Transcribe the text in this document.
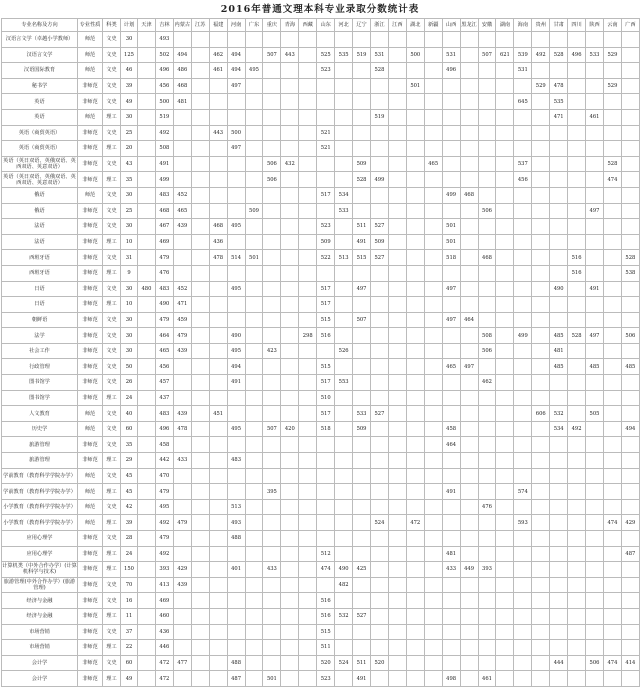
2016年普通文理本科专业录取分数统计表
专业名称及方向	专业性质	科类	计划	天津	吉林	内蒙古	江苏	福建	河南	广东	重庆	青海	西藏	山东	河北	辽宁	浙江	江西	湖北	新疆	山西	黑龙江	安徽	湖南	海南	贵州	甘肃	四川	陕西	云南	广西
汉语言文学（卓越小学教师）	师范	文史	30		493																										
汉语言文学	师范	文史	125		502	494		462	494		507	443		525	535	519	531		500		531		507	621	539	492	528	496	533	529	
汉语国际教育	师范	文史	46		496	486		461	494	495				523			528				496				531						
秘书学	非师范	文史	39		456	468			497										501							529	478			529	
英语	非师范	文史	49		500	481																			645		535				
英语	师范	理工	30		519												519										471		461		
英语（商贸英语）	非师范	文史	25		492			443	500					521																	
英语（商贸英语）	非师范	理工	20		508				497					521																	
英语（英日双语、英俄双语、英西双语、英意双语）	非师范	文史	43		491						506	432				509				465					537					528	
英语（英日双语、英俄双语、英西双语、英意双语）	非师范	理工	35		499						506					528	499								456					474	
俄语	师范	文史	30		483	452								517	534						499	468									
俄语	非师范	文史	25		468	465				509					533								506						497		
法语	非师范	文史	30		467	439		468	495					523		511	527				501										
法语	非师范	理工	10		469			436						509		491	509				501										
西班牙语	非师范	文史	31		479			478	514	501				522	513	515	527				518		468					516			528
西班牙语	非师范	理工	9		476																							516			538
日语	非师范	文史	30	480	483	452			495					517		497					497						490		491		
日语	非师范	理工	10		490	471								517																	
朝鲜语	非师范	文史	30		479	459								515		507					497	464									
法学	非师范	文史	30		464	479			490				298	516									508		499		485	528	497		506
社会工作	非师范	文史	30		465	439			495		423				526								506				481				
行政管理	非师范	文史	50		456				494					515							465	497					485		485		485
图书馆学	非师范	文史	26		457				491					517	553								462								
图书馆学	非师范	理工	24		437									510																	
人文教育	师范	文史	40		483	439		451						517		533	527									606	532		505		
历史学	师范	文史	60		496	478			495		507	420		518		509					458						534	492			494
旅游管理	非师范	文史	35		458																464										
旅游管理	非师范	理工	29		442	433			483																						
学前教育（教育科学学院办学）	师范	文史	45		470																										
学前教育（教育科学学院办学）	师范	理工	45		479						395										491				574						
小学教育（教育科学学院办学）	师范	文史	42		495				513														476								
小学教育（教育科学学院办学）	师范	理工	39		492	479			493								524		472						593					474	429
应用心理学	非师范	文史	28		479				488																						
应用心理学	非师范	理工	24		492									512							481										487
计算机类（中外合作办学）(计算机科学与技术)	非师范	理工	150		393	429			401		433			474	490	425					433	449	393								
旅游管理(中外合作办学）(旅游管理)	非师范	文史	70		413	439									482																
经济与金融	非师范	文史	16		469									516																	
经济与金融	非师范	理工	11		460									516	532	527															
市场营销	非师范	文史	37		436									515																	
市场营销	非师范	理工	22		446									511																	
会计学	非师范	文史	60		472	477			488					520	524	511	520										444		506	474	414
会计学	非师范	理工	49		472				487		501			523		491					498		461								
